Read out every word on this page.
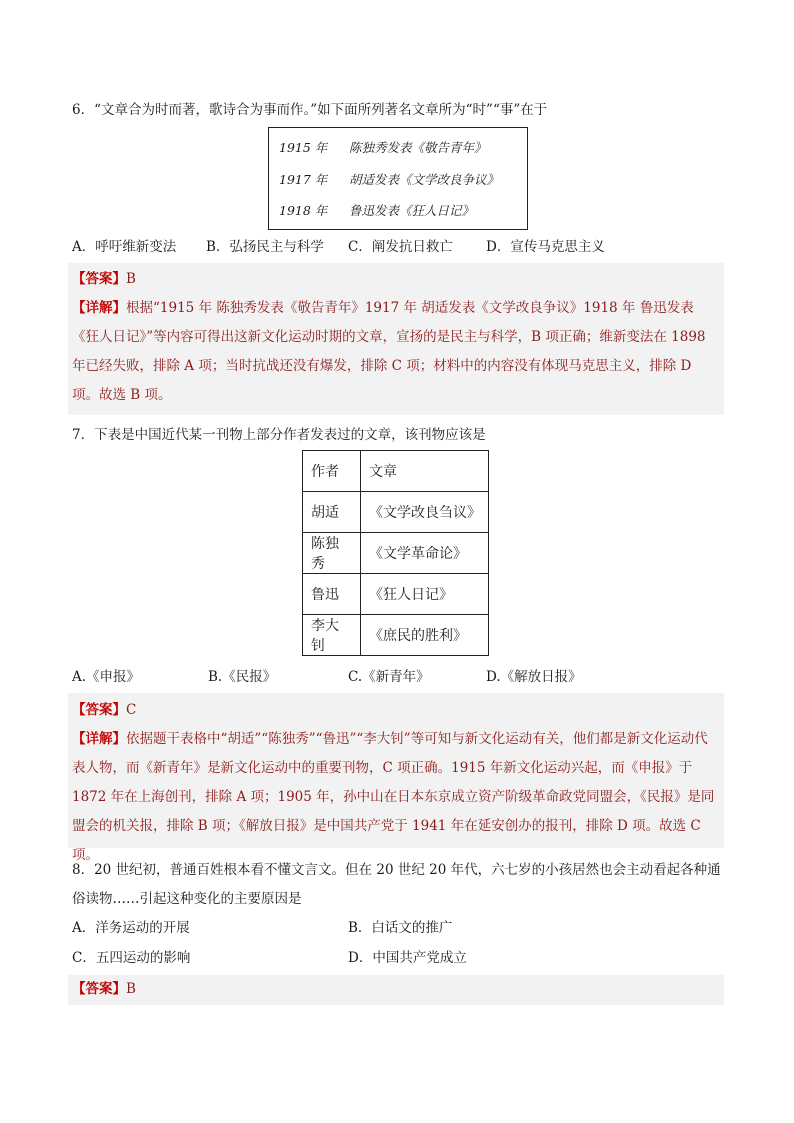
6．“文章合为时而著，歌诗合为事而作。”如下面所列著名文章所为“时”“事”在于
1915 年 陈独秀发表《敬告青年》
1917 年 胡适发表《文学改良争议》
1918 年 鲁迅发表《狂人日记》
A．呼吁维新变法 B．弘扬民主与科学 C．阐发抗日救亡 D．宣传马克思主义
【答案】B
【详解】根据“1915 年 陈独秀发表《敬告青年》1917 年 胡适发表《文学改良争议》1918 年 鲁迅发表《狂人日记》”等内容可得出这新文化运动时期的文章，宣扬的是民主与科学，B 项正确；维新变法在 1898 年已经失败，排除 A 项；当时抗战还没有爆发，排除 C 项；材料中的内容没有体现马克思主义，排除 D 项。故选 B 项。
7．下表是中国近代某一刊物上部分作者发表过的文章，该刊物应该是
作者	文章
胡适	《文学改良刍议》
陈独秀	《文学革命论》
鲁迅	《狂人日记》
李大钊	《庶民的胜利》
A.《申报》	B.《民报》	C.《新青年》	D.《解放日报》
【答案】C
【详解】依据题干表格中“胡适”“陈独秀”“鲁迅”“李大钊”等可知与新文化运动有关，他们都是新文化运动代表人物，而《新青年》是新文化运动中的重要刊物，C 项正确。1915 年新文化运动兴起，而《申报》于 1872 年在上海创刊，排除 A 项；1905 年，孙中山在日本东京成立资产阶级革命政党同盟会，《民报》是同盟会的机关报，排除 B 项；《解放日报》是中国共产党于 1941 年在延安创办的报刊，排除 D 项。故选 C 项。
8．20 世纪初，普通百姓根本看不懂文言文。但在 20 世纪 20 年代，六七岁的小孩居然也会主动看起各种通俗读物……引起这种变化的主要原因是
A．洋务运动的开展	B．白话文的推广
C．五四运动的影响	D．中国共产党成立
【答案】B
